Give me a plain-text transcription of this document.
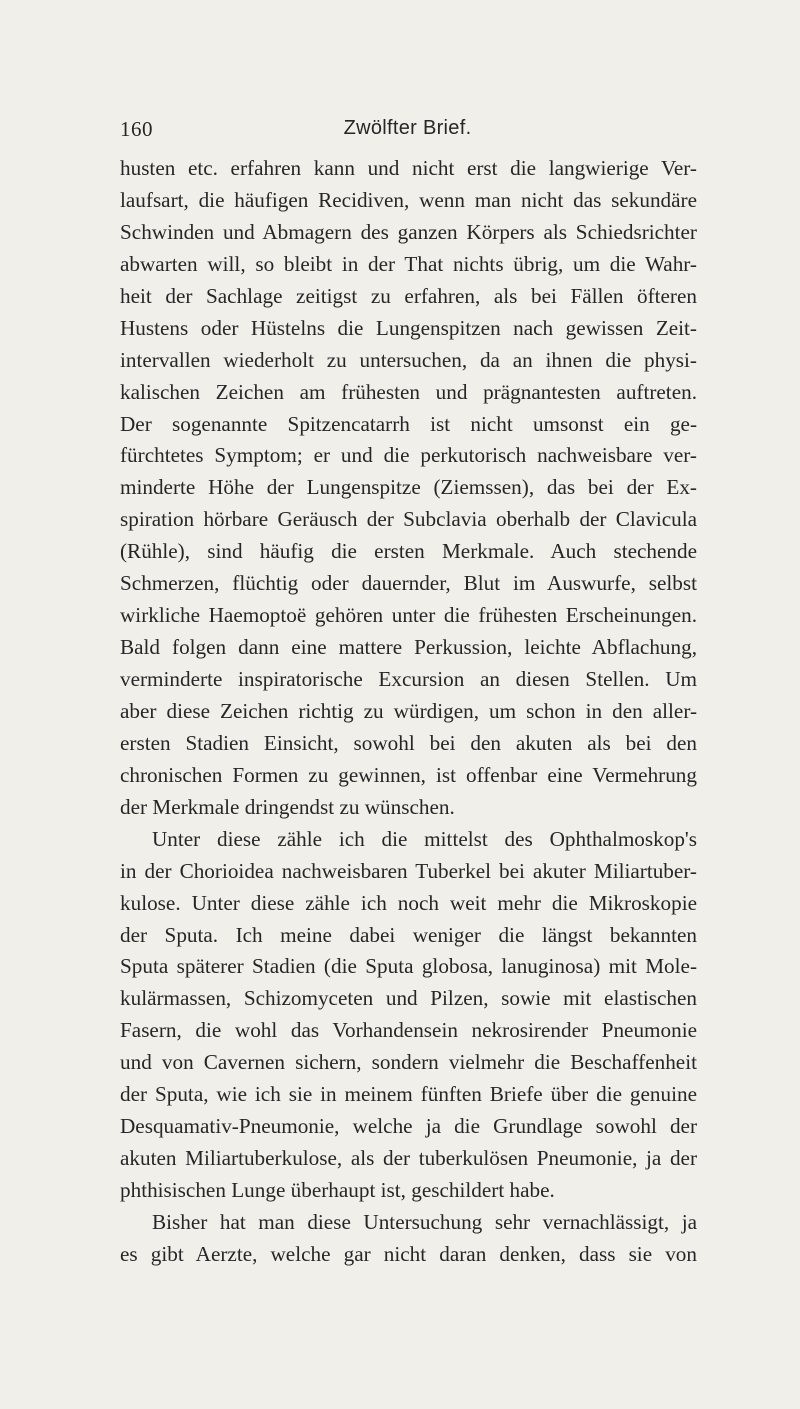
160	Zwölfter Brief.
husten etc. erfahren kann und nicht erst die langwierige Ver-
laufsart, die häufigen Recidiven, wenn man nicht das sekundäre
Schwinden und Abmagern des ganzen Körpers als Schiedsrichter
abwarten will, so bleibt in der That nichts übrig, um die Wahr-
heit der Sachlage zeitigst zu erfahren, als bei Fällen öfteren
Hustens oder Hüstelns die Lungenspitzen nach gewissen Zeit-
intervallen wiederholt zu untersuchen, da an ihnen die physi-
kalischen Zeichen am frühesten und prägnantesten auftreten.
Der sogenannte Spitzencatarrh ist nicht umsonst ein ge-
fürchtetes Symptom; er und die perkutorisch nachweisbare ver-
minderte Höhe der Lungenspitze (Ziemssen), das bei der Ex-
spiration hörbare Geräusch der Subclavia oberhalb der Clavicula
(Rühle), sind häufig die ersten Merkmale. Auch stechende
Schmerzen, flüchtig oder dauernder, Blut im Auswurfe, selbst
wirkliche Haemoptoë gehören unter die frühesten Erscheinungen.
Bald folgen dann eine mattere Perkussion, leichte Abflachung,
verminderte inspiratorische Excursion an diesen Stellen. Um
aber diese Zeichen richtig zu würdigen, um schon in den aller-
ersten Stadien Einsicht, sowohl bei den akuten als bei den
chronischen Formen zu gewinnen, ist offenbar eine Vermehrung
der Merkmale dringendst zu wünschen.
Unter diese zähle ich die mittelst des Ophthalmoskop's
in der Chorioidea nachweisbaren Tuberkel bei akuter Miliartuber-
kulose. Unter diese zähle ich noch weit mehr die Mikroskopie
der Sputa. Ich meine dabei weniger die längst bekannten
Sputa späterer Stadien (die Sputa globosa, lanuginosa) mit Mole-
kulärmassen, Schizomyceten und Pilzen, sowie mit elastischen
Fasern, die wohl das Vorhandensein nekrosirender Pneumonie
und von Cavernen sichern, sondern vielmehr die Beschaffenheit
der Sputa, wie ich sie in meinem fünften Briefe über die genuine
Desquamativ-Pneumonie, welche ja die Grundlage sowohl der
akuten Miliartuberkulose, als der tuberkulösen Pneumonie, ja der
phthisischen Lunge überhaupt ist, geschildert habe.
Bisher hat man diese Untersuchung sehr vernachlässigt, ja
es gibt Aerzte, welche gar nicht daran denken, dass sie von
